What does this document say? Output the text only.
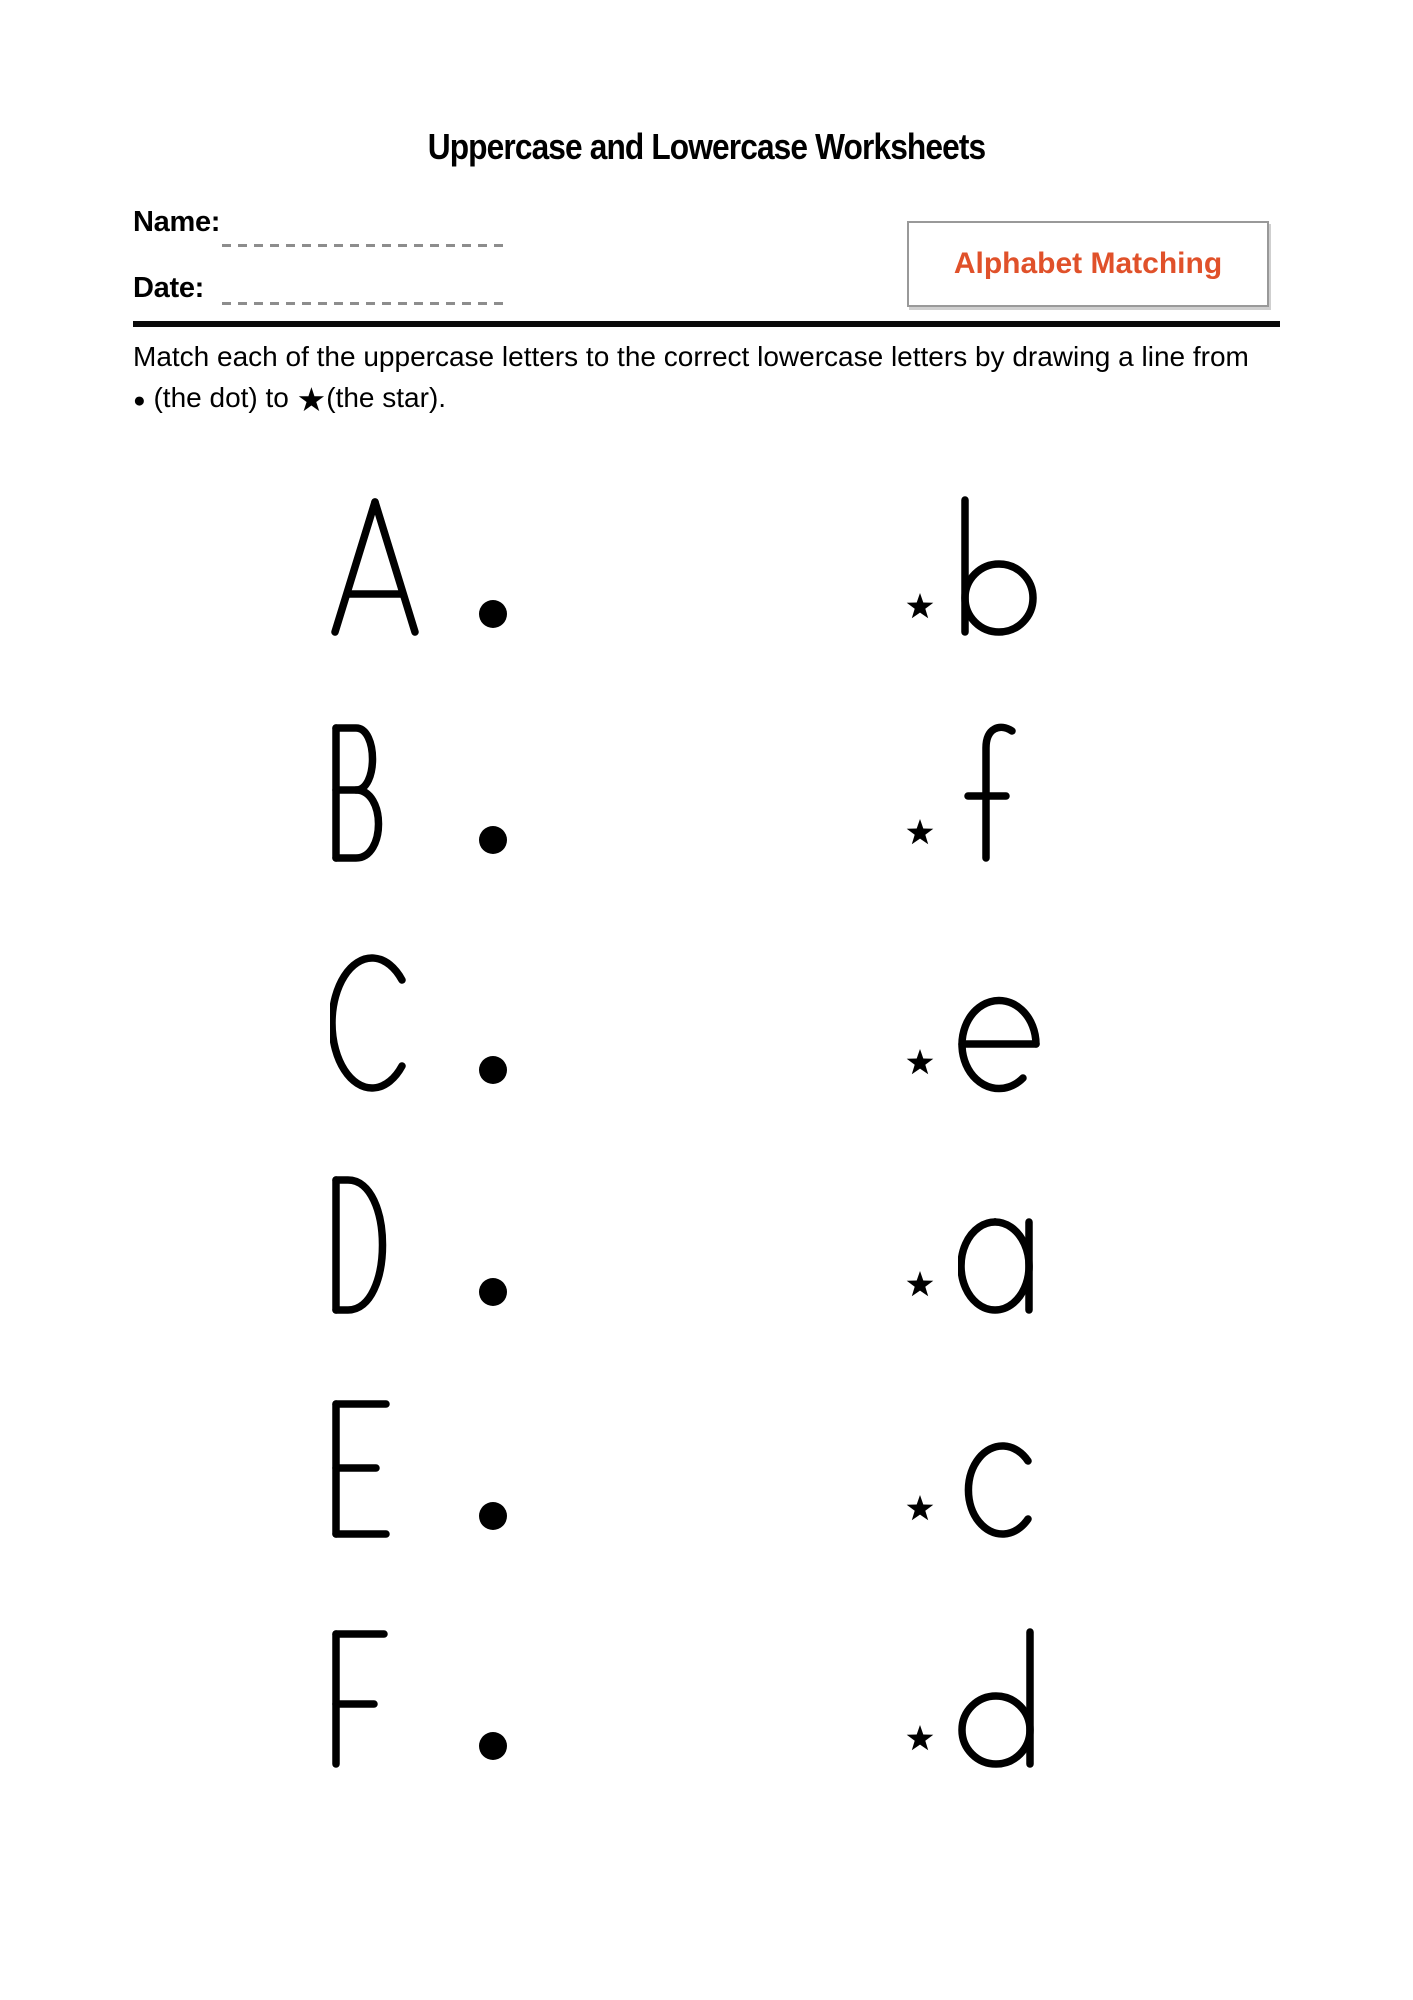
Uppercase and Lowercase Worksheets
Name:
Date:
Alphabet Matching

Match each of the uppercase letters to the correct lowercase letters by drawing a line from ● (the dot) to ★(the star).
